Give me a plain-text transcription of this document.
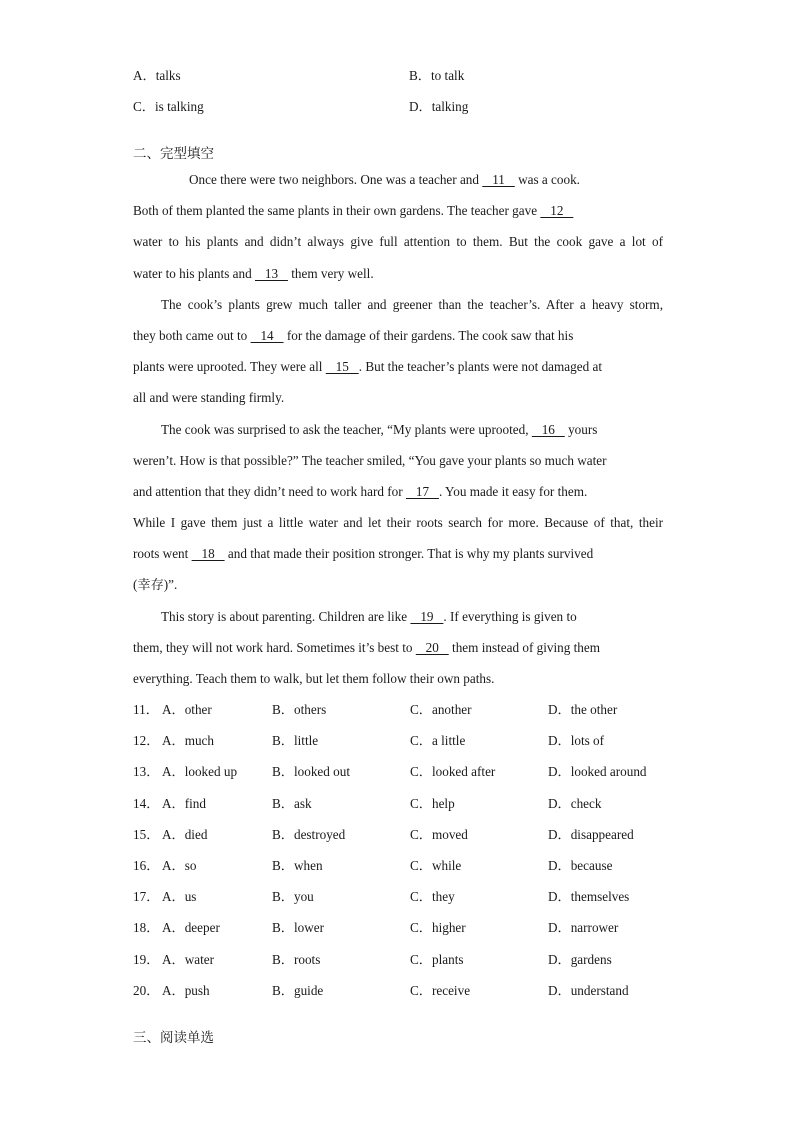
A．talks	B．to talk
C．is talking	D．talking
二、完型填空
Once there were two neighbors. One was a teacher and    11    was a cook.
Both of them planted the same plants in their own gardens. The teacher gave    12
water to his plants and didn’t always give full attention to them. But the cook gave a lot of
water to his plants and    13    them very well.
The cook’s plants grew much taller and greener than the teacher’s. After a heavy storm,
they both came out to    14    for the damage of their gardens. The cook saw that his
plants were uprooted. They were all    15   . But the teacher’s plants were not damaged at
all and were standing firmly.
The cook was surprised to ask the teacher, “My plants were uprooted,    16    yours
weren’t. How is that possible?” The teacher smiled, “You gave your plants so much water
and attention that they didn’t need to work hard for    17   . You made it easy for them.
While I gave them just a little water and let their roots search for more. Because of that, their
roots went    18    and that made their position stronger. That is why my plants survived
(幸存)”.
This story is about parenting. Children are like    19   . If everything is given to
them, they will not work hard. Sometimes it’s best to    20    them instead of giving them
everything. Teach them to walk, but let them follow their own paths.
11． A．other	B．others	C．another	D．the other
12． A．much	B．little	C．a little	D．lots of
13． A．looked up	B．looked out	C．looked after	D．looked around
14． A．find	B．ask	C．help	D．check
15． A．died	B．destroyed	C．moved	D．disappeared
16． A．so	B．when	C．while	D．because
17． A．us	B．you	C．they	D．themselves
18． A．deeper	B．lower	C．higher	D．narrower
19． A．water	B．roots	C．plants	D．gardens
20． A．push	B．guide	C．receive	D．understand
三、阅读单选
